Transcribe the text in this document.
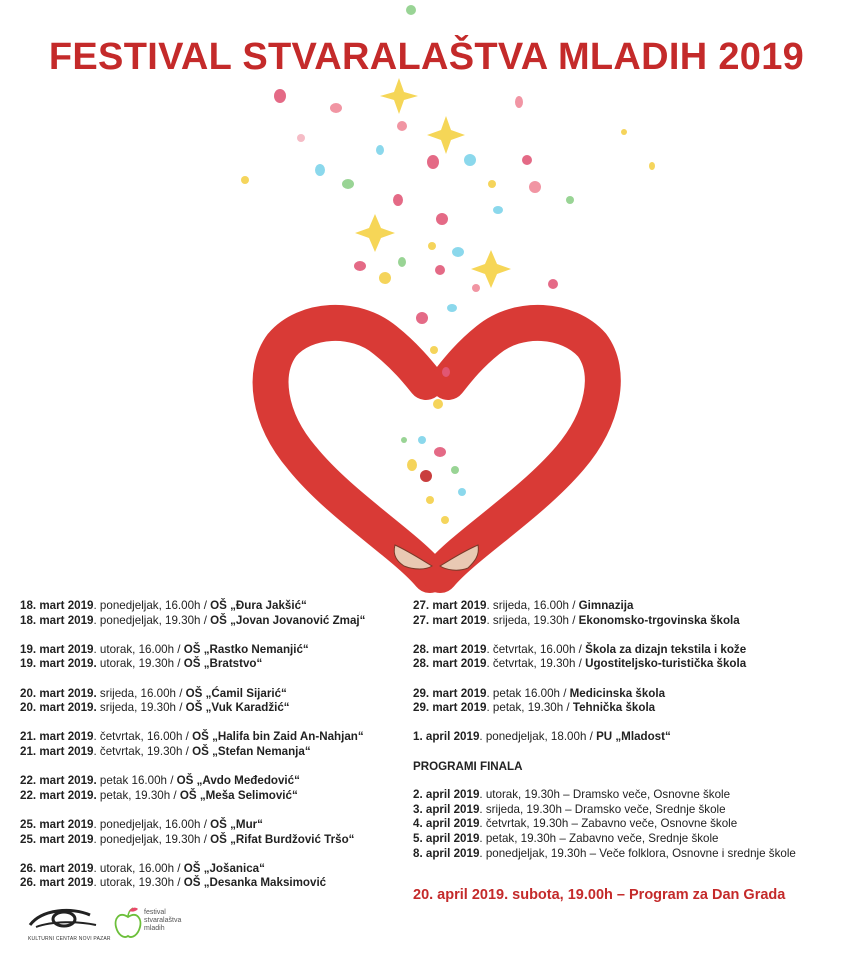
FESTIVAL STVARALAŠTVA MLADIH 2019
18. mart 2019. ponedjeljak, 16.00h / OŠ „Đura Jakšić“
18. mart 2019. ponedjeljak, 19.30h / OŠ „Jovan Jovanović Zmaj“
19. mart 2019. utorak, 16.00h / OŠ „Rastko Nemanjić“
19. mart 2019. utorak, 19.30h / OŠ „Bratstvo“
20. mart 2019. srijeda, 16.00h / OŠ „Ćamil Sijarić“
20. mart 2019. srijeda, 19.30h / OŠ „Vuk Karadžić“
21. mart 2019. četvrtak, 16.00h / OŠ „Halifa bin Zaid An-Nahjan“
21. mart 2019. četvrtak, 19.30h / OŠ „Stefan Nemanja“
22. mart 2019. petak 16.00h / OŠ „Avdo Međedović“
22. mart 2019. petak, 19.30h / OŠ „Meša Selimović“
25. mart 2019. ponedjeljak, 16.00h / OŠ „Mur“
25. mart 2019. ponedjeljak, 19.30h / OŠ „Rifat Burdžović Tršo“
26. mart 2019. utorak, 16.00h / OŠ „Jošanica“
26. mart 2019. utorak, 19.30h / OŠ „Desanka Maksimović
27. mart 2019. srijeda, 16.00h / Gimnazija
27. mart 2019. srijeda, 19.30h / Ekonomsko-trgovinska škola
28. mart 2019. četvrtak, 16.00h / Škola za dizajn tekstila i kože
28. mart 2019. četvrtak, 19.30h / Ugostiteljsko-turistička škola
29. mart 2019. petak 16.00h / Medicinska škola
29. mart 2019. petak, 19.30h / Tehnička škola
1. april 2019. ponedjeljak, 18.00h / PU „Mladost“
PROGRAMI FINALA
2. april 2019. utorak, 19.30h – Dramsko veče, Osnovne škole
3. april 2019. srijeda, 19.30h – Dramsko veče, Srednje škole
4. april 2019. četvrtak, 19.30h – Zabavno veče, Osnovne škole
5. april 2019. petak, 19.30h – Zabavno veče, Srednje škole
8. april 2019. ponedjeljak, 19.30h – Veče folklora, Osnovne i srednje škole
20. april 2019. subota, 19.00h – Program za Dan Grada
KULTURNI CENTAR NOVI PAZAR
festival
stvaralaštva
mladih
